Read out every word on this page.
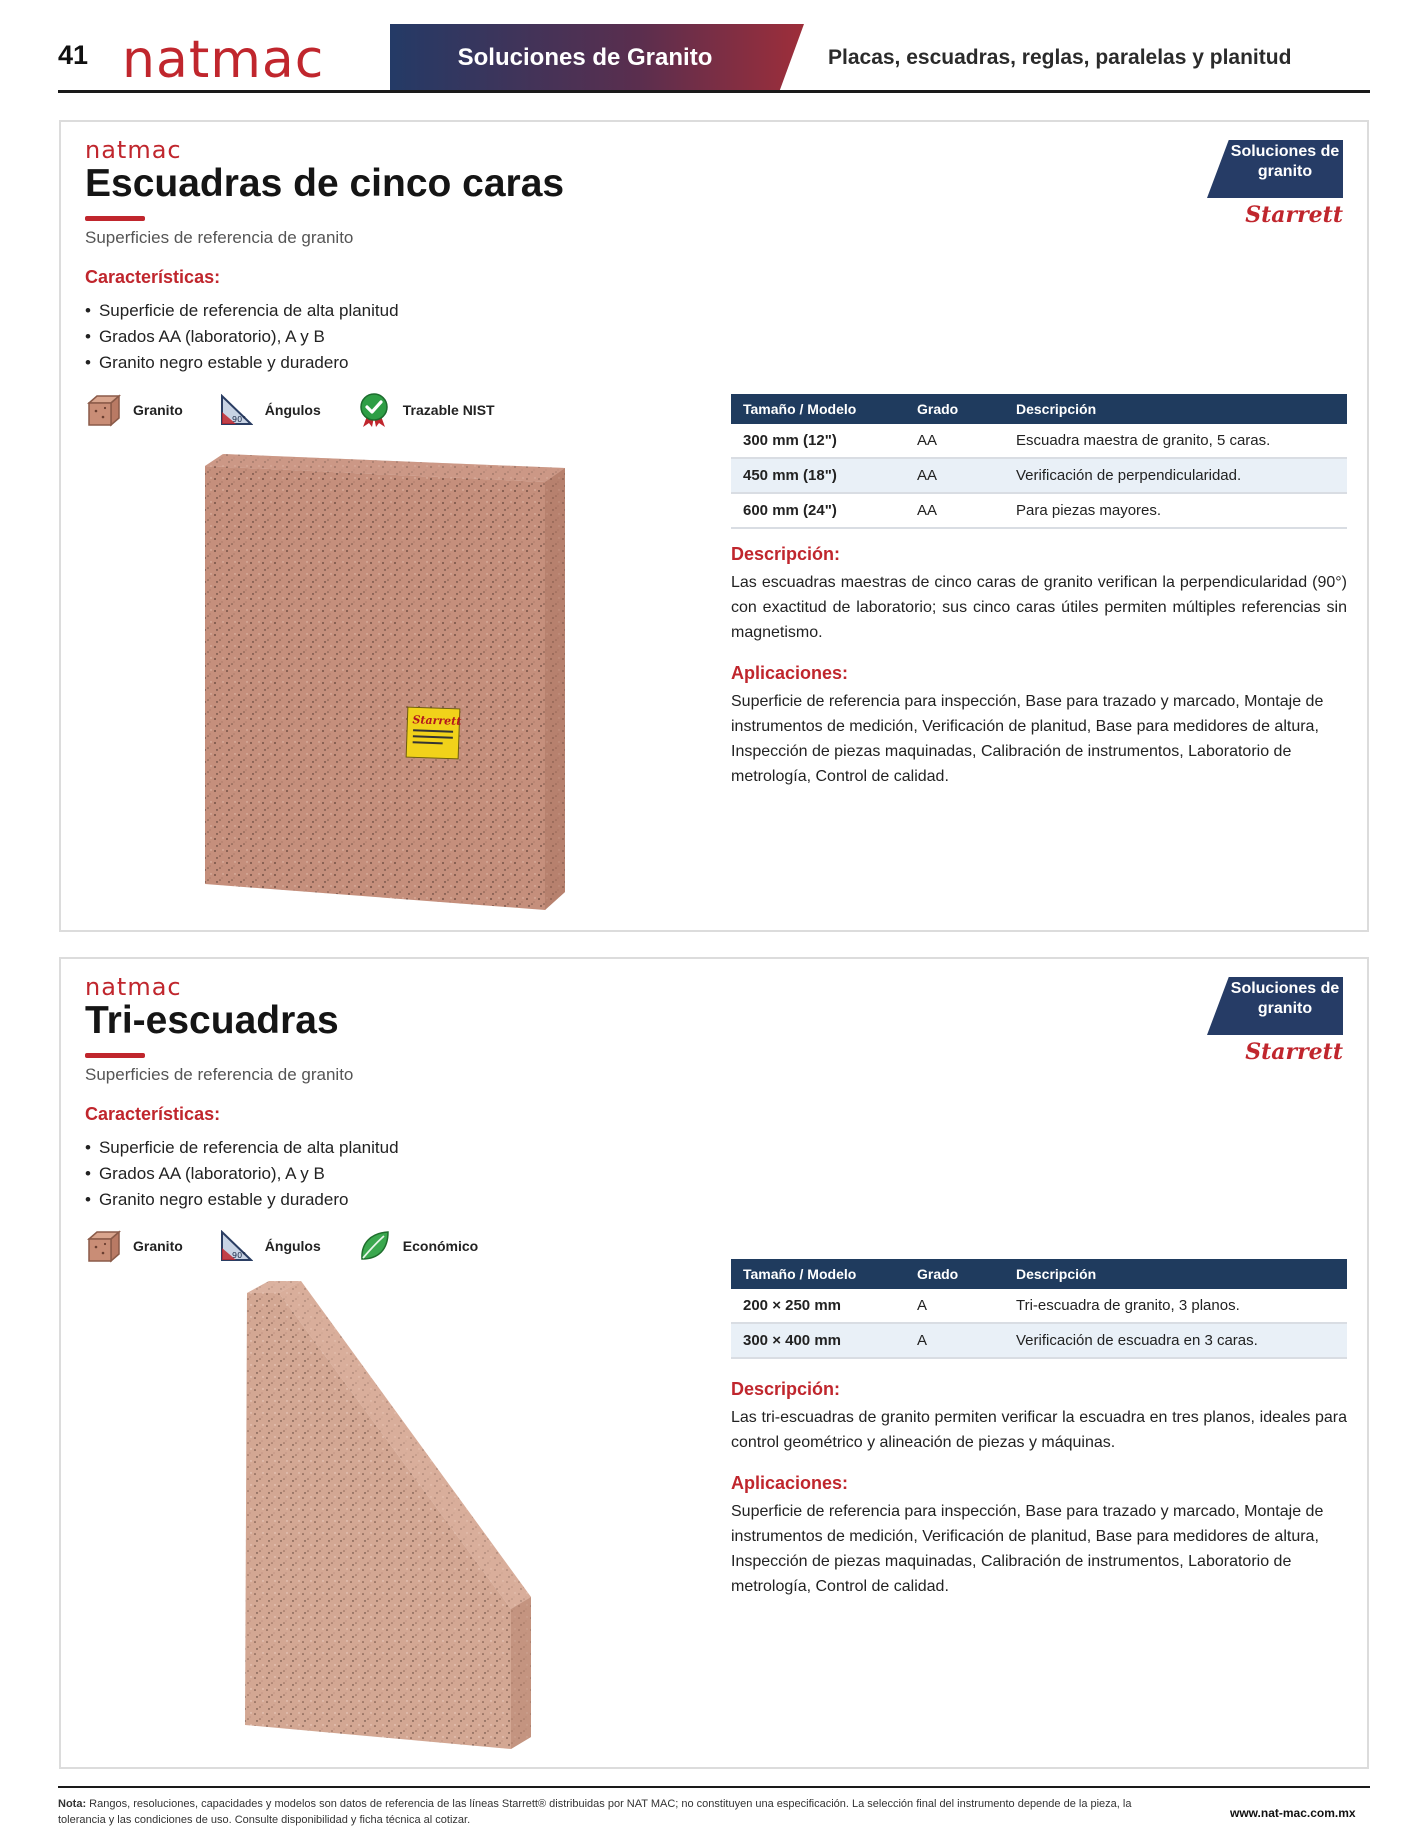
41 natmac	Soluciones de Granito	Placas, escuadras, reglas, paralelas y planitud
natmac
Escuadras de cinco caras
Superficies de referencia de granito
Soluciones de granito
Starrett
Características:
• Superficie de referencia de alta planitud
• Grados AA (laboratorio), A y B
• Granito negro estable y duradero
Granito
90°
Ángulos	Trazable NIST
Starrett
Tamaño / Modelo	Grado	Descripción
300 mm (12")	AA	Escuadra maestra de granito, 5 caras.
450 mm (18")	AA	Verificación de perpendicularidad.
600 mm (24")	AA	Para piezas mayores.
Descripción:
Las escuadras maestras de cinco caras de granito verifican la perpendicularidad (90°) con exactitud de laboratorio; sus cinco caras útiles permiten múltiples referencias sin magnetismo.
Aplicaciones:
Superficie de referencia para inspección, Base para trazado y marcado, Montaje de instrumentos de medición, Verificación de planitud, Base para medidores de altura, Inspección de piezas maquinadas, Calibración de instrumentos, Laboratorio de metrología, Control de calidad.
natmac
Tri-escuadras
Superficies de referencia de granito
Soluciones de granito
Starrett
Características:
• Superficie de referencia de alta planitud
• Grados AA (laboratorio), A y B
• Granito negro estable y duradero
Granito
90°
Ángulos	Económico
Tamaño / Modelo	Grado	Descripción
200 × 250 mm	A	Tri-escuadra de granito, 3 planos.
300 × 400 mm	A	Verificación de escuadra en 3 caras.
Descripción:
Las tri-escuadras de granito permiten verificar la escuadra en tres planos, ideales para control geométrico y alineación de piezas y máquinas.
Aplicaciones:
Superficie de referencia para inspección, Base para trazado y marcado, Montaje de instrumentos de medición, Verificación de planitud, Base para medidores de altura, Inspección de piezas maquinadas, Calibración de instrumentos, Laboratorio de metrología, Control de calidad.
Nota: Rangos, resoluciones, capacidades y modelos son datos de referencia de las líneas Starrett® distribuidas por NAT MAC; no constituyen una especificación. La selección final del instrumento depende de la pieza, la tolerancia y las condiciones de uso. Consulte disponibilidad y ficha técnica al cotizar.	www.nat-mac.com.mx
